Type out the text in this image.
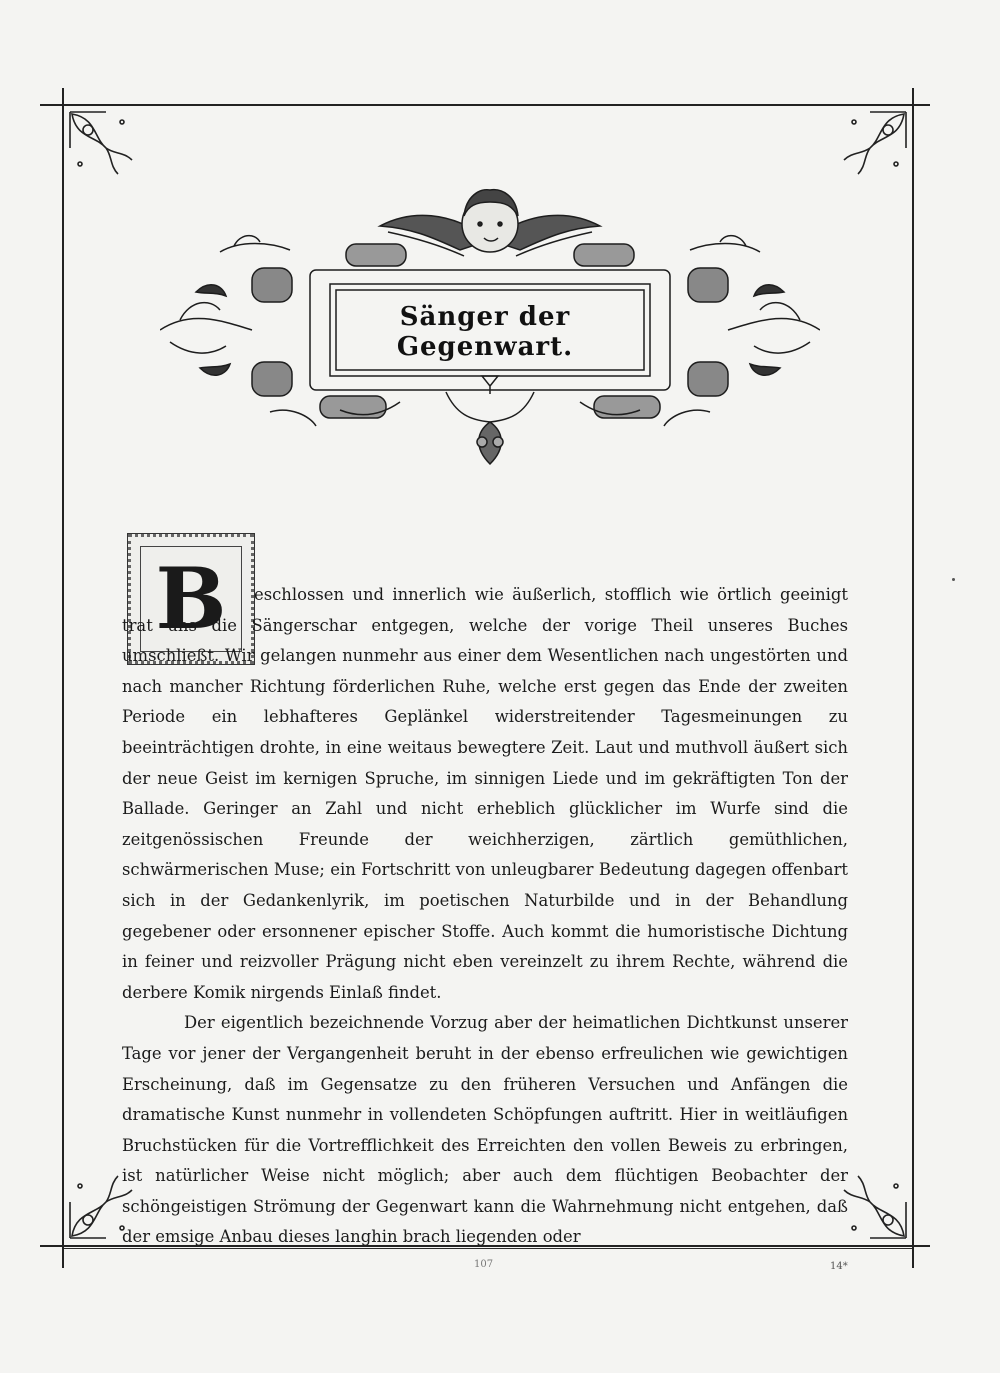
Sänger der Gegenwart.
B	eschlossen und innerlich wie äußerlich, stofflich wie örtlich geeinigt trat uns die Sängerschar entgegen, welche der vorige Theil unseres Buches umschließt. Wir gelangen nunmehr aus einer dem Wesentlichen nach ungestörten und nach mancher Richtung förderlichen Ruhe, welche erst gegen das Ende der zweiten Periode ein lebhafteres Geplänkel widerstreitender Tagesmeinungen zu beeinträchtigen drohte, in eine weitaus bewegtere Zeit. Laut und muthvoll äußert sich der neue Geist im kernigen Spruche, im sinnigen Liede und im gekräftigten Ton der Ballade. Geringer an Zahl und nicht erheblich glücklicher im Wurfe sind die zeitgenössischen Freunde der weichherzigen, zärtlich gemüthlichen, schwärmerischen Muse; ein Fortschritt von unleugbarer Bedeutung dagegen offenbart sich in der Gedankenlyrik, im poetischen Naturbilde und in der Behandlung gegebener oder ersonnener epischer Stoffe. Auch kommt die humoristische Dichtung in feiner und reizvoller Prägung nicht eben vereinzelt zu ihrem Rechte, während die derbere Komik nirgends Einlaß findet.

Der eigentlich bezeichnende Vorzug aber der heimatlichen Dichtkunst unserer Tage vor jener der Vergangenheit beruht in der ebenso erfreulichen wie gewichtigen Erscheinung, daß im Gegensatze zu den früheren Versuchen und Anfängen die dramatische Kunst nunmehr in vollendeten Schöpfungen auftritt. Hier in weitläufigen Bruchstücken für die Vortrefflichkeit des Erreichten den vollen Beweis zu erbringen, ist natürlicher Weise nicht möglich; aber auch dem flüchtigen Beobachter der schöngeistigen Strömung der Gegenwart kann die Wahrnehmung nicht entgehen, daß der emsige Anbau dieses langhin brach liegenden oder

107	14*
